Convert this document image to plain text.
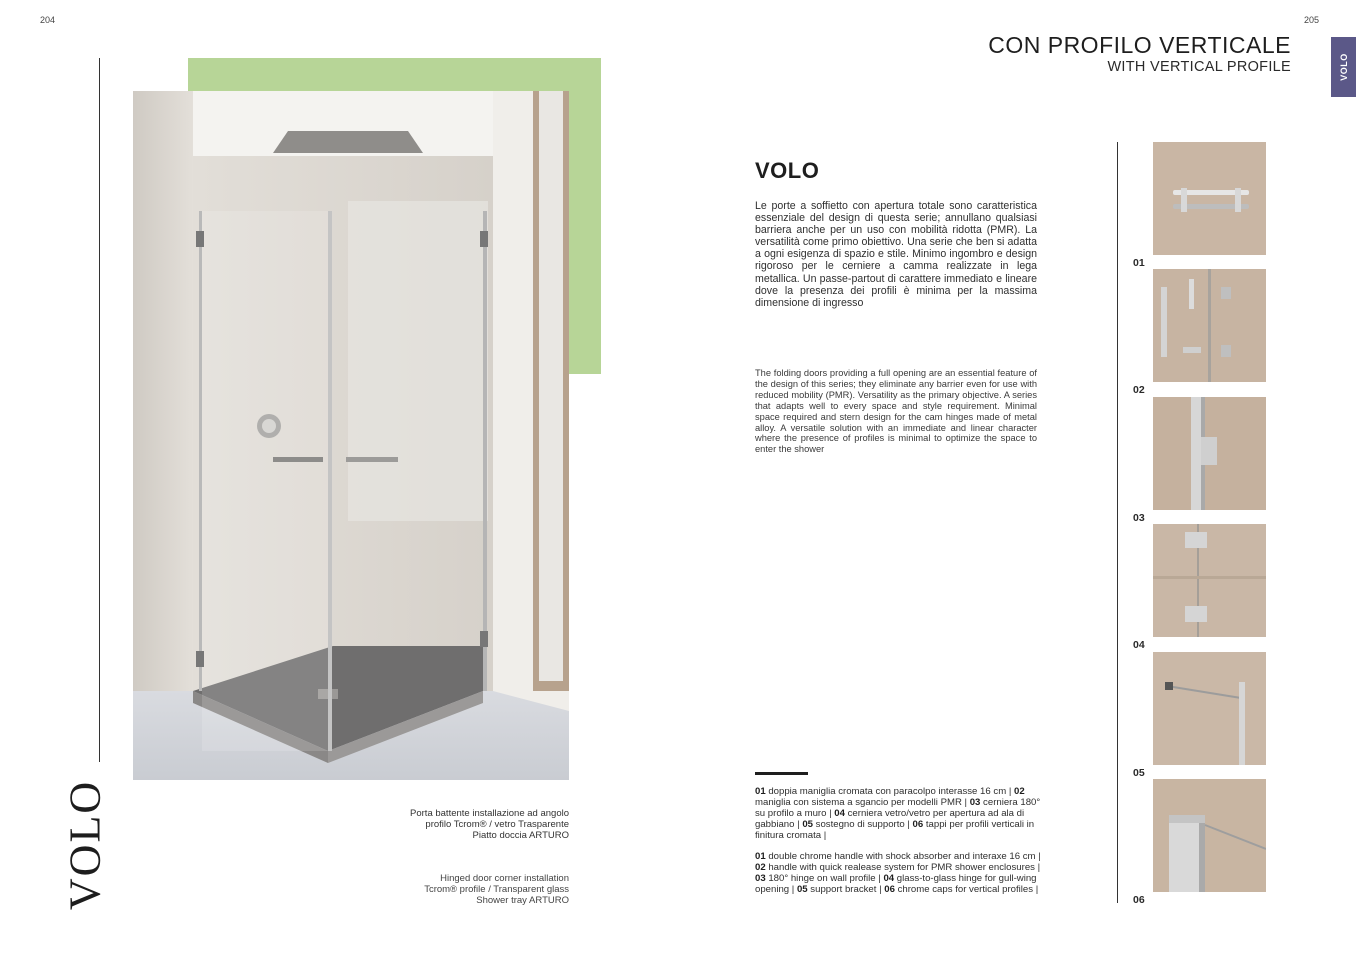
204	205
VOLO	Porta battente installazione ad angolo
profilo Tcrom® / vetro Trasparente
Piatto doccia ARTURO
Hinged door corner installation
Tcrom® profile / Transparent glass
Shower tray ARTURO
CON PROFILO VERTICALE
WITH VERTICAL PROFILE	VOLO
VOLO
Le porte a soffietto con apertura totale sono caratteristica essenziale del design di questa serie; annullano qualsiasi barriera anche per un uso con mobilità ridotta (PMR). La versatilità come primo obiettivo. Una serie che ben si adatta a ogni esigenza di spazio e stile. Minimo ingombro e design rigoroso per le cerniere a camma realizzate in lega metallica. Un passe-partout di carattere immediato e lineare dove la presenza dei profili è minima per la massima dimensione di ingresso
The folding doors providing a full opening are an essential feature of the design of this series; they eliminate any barrier even for use with reduced mobility (PMR). Versatility as the primary objective. A series that adapts well to every space and style requirement. Minimal space required and stern design for the cam hinges made of metal alloy. A versatile solution with an immediate and linear character where the presence of profiles is minimal to optimize the space to enter the shower
01 doppia maniglia cromata con paracolpo interasse 16 cm | 02 maniglia con sistema a sgancio per modelli PMR | 03 cerniera 180° su profilo a muro | 04 cerniera vetro/vetro per apertura ad ala di gabbiano | 05 sostegno di supporto | 06 tappi per profili verticali in finitura cromata |
01 double chrome handle with shock absorber and interaxe 16 cm | 02 handle with quick realease system for PMR shower enclosures | 03 180° hinge on wall profile | 04 glass-to-glass hinge for gull-wing opening | 05 support bracket | 06 chrome caps for vertical profiles |
01
02
03
04
05
06
